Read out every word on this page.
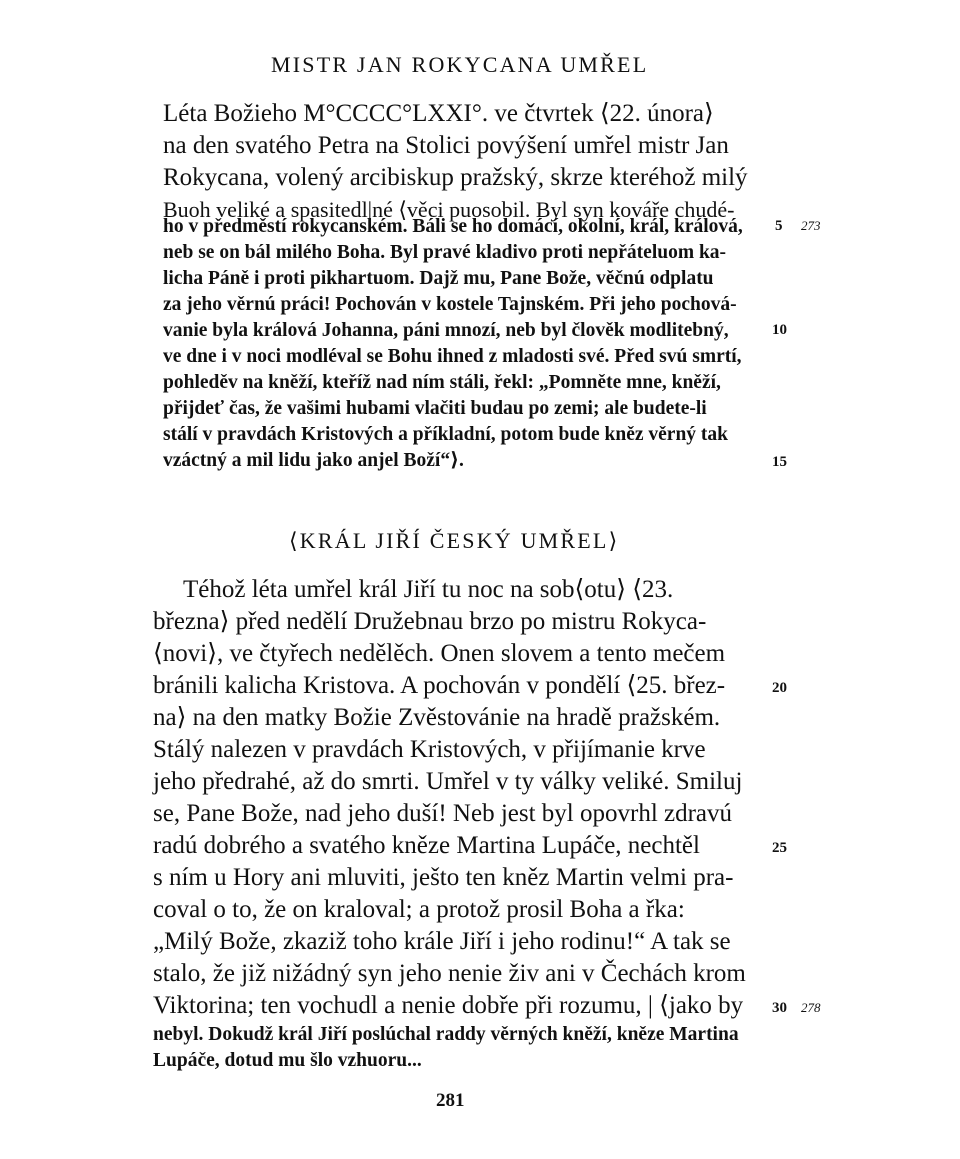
MISTR JAN ROKYCANA UMŘEL
Léta Božieho M°CCCC°LXXI°. ve čtvrtek ⟨22. února⟩
na den svatého Petra na Stolici povýšení umřel mistr Jan
Rokycana, volený arcibiskup pražský, skrze kteréhož milý
Buoh veliké a spasitedl|né ⟨věci puosobil. Byl syn kováře chudé-
ho v předměstí rokycanském. Báli se ho domácí, okolní, král, králová,
neb se on bál milého Boha. Byl pravé kladivo proti nepřáteluom ka-
licha Páně i proti pikhartuom. Dajž mu, Pane Bože, věčnú odplatu
za jeho věrnú práci! Pochován v kostele Tajnském. Při jeho pochová-
vanie byla králová Johanna, páni mnozí, neb byl člověk modlitebný,
ve dne i v noci modléval se Bohu ihned z mladosti své. Před svú smrtí,
pohleděv na kněží, kteříž nad ním stáli, řekl: „Pomněte mne, kněží,
přijdeť čas, že vašimi hubami vlačiti budau po zemi; ale budete-li
stálí v pravdách Kristových a příkladní, potom bude kněz věrný tak
vzáctný a mil lidu jako anjel Boží“⟩.
⟨KRÁL JIŘÍ ČESKÝ UMŘEL⟩
Téhož léta umřel král Jiří tu noc na sob⟨otu⟩ ⟨23.
března⟩ před nedělí Družebnau brzo po mistru Rokyca-
⟨novi⟩, ve čtyřech nedělěch. Onen slovem a tento mečem
bránili kalicha Kristova. A pochován v pondělí ⟨25. břez-
na⟩ na den matky Božie Zvěstovánie na hradě pražském.
Stálý nalezen v pravdách Kristových, v přijímanie krve
jeho předrahé, až do smrti. Umřel v ty války veliké. Smiluj
se, Pane Bože, nad jeho duší! Neb jest byl opovrhl zdravú
radú dobrého a svatého kněze Martina Lupáče, nechtěl
s ním u Hory ani mluviti, ješto ten kněz Martin velmi pra-
coval o to, že on kraloval; a protož prosil Boha a řka:
„Milý Bože, zkaziž toho krále Jiří i jeho rodinu!“ A tak se
stalo, že již nižádný syn jeho nenie živ ani v Čechách krom
Viktorina; ten vochudl a nenie dobře při rozumu, | ⟨jako by
nebyl. Dokudž král Jiří poslúchal raddy věrných kněží, kněze Martina
Lupáče, dotud mu šlo vzhuoru...
5
10
15
20
25
30
273
278
281
